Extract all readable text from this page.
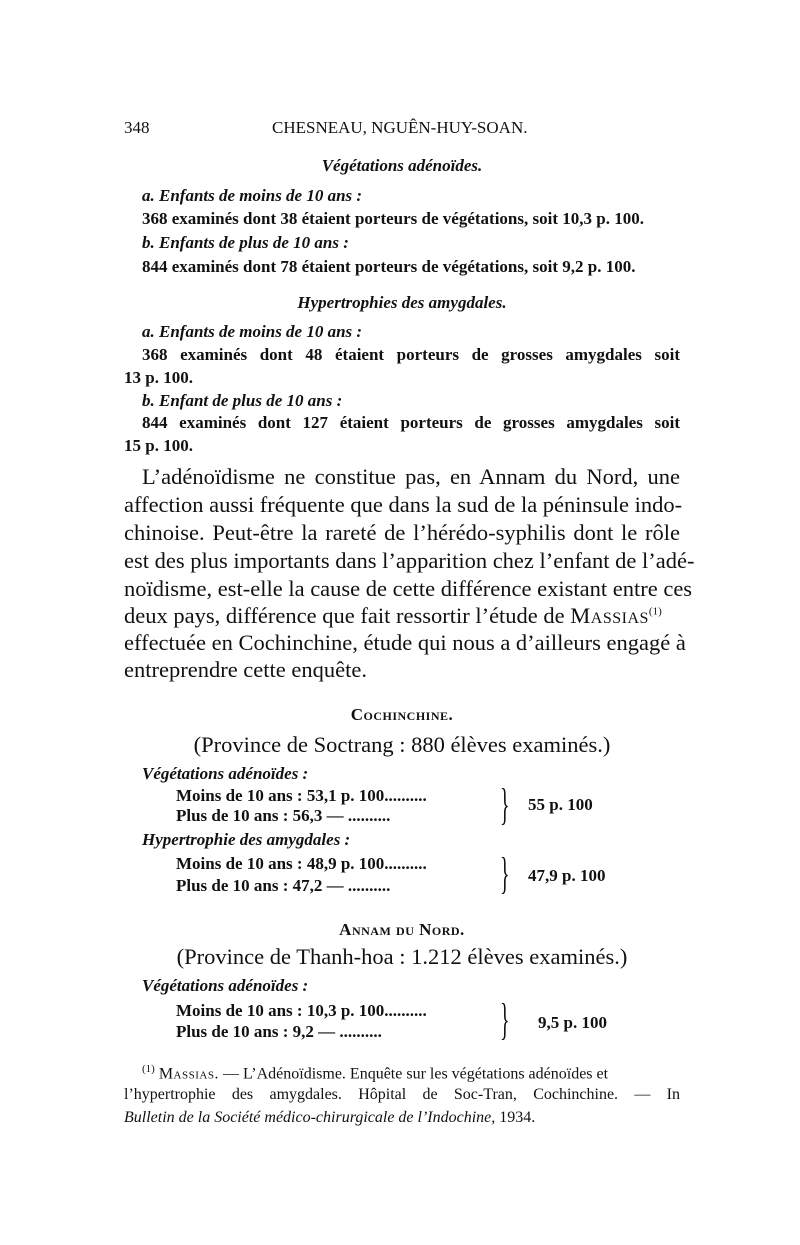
348	CHESNEAU, NGUÊN-HUY-SOAN.
Végétations adénoïdes.
a. Enfants de moins de 10 ans :
368 examinés dont 38 étaient porteurs de végétations, soit 10,3 p. 100.
b. Enfants de plus de 10 ans :
844 examinés dont 78 étaient porteurs de végétations, soit 9,2 p. 100.
Hypertrophies des amygdales.
a. Enfants de moins de 10 ans :
368 examinés dont 48 étaient porteurs de grosses amygdales soit
13 p. 100.
b. Enfant de plus de 10 ans :
844 examinés dont 127 étaient porteurs de grosses amygdales soit
15 p. 100.
L’adénoïdisme ne constitue pas, en Annam du Nord, une
affection aussi fréquente que dans la sud de la péninsule indo-
chinoise. Peut-être la rareté de l’hérédo-syphilis dont le rôle
est des plus importants dans l’apparition chez l’enfant de l’adé-
noïdisme, est-elle la cause de cette différence existant entre ces
deux pays, différence que fait ressortir l’étude de Massias$^{(1)}$
effectuée en Cochinchine, étude qui nous a d’ailleurs engagé à
entreprendre cette enquête.
Cochinchine.
(Province de Soctrang : 880 élèves examinés.)
Végétations adénoïdes :
Moins de 10 ans : 53,1 p. 100..........
Plus de 10 ans : 56,3 — .......... } 55 p. 100
Hypertrophie des amygdales :
Moins de 10 ans : 48,9 p. 100..........
Plus de 10 ans : 47,2 — .......... } 47,9 p. 100
Annam du Nord.
(Province de Thanh-hoa : 1.212 élèves examinés.)
Végétations adénoïdes :
Moins de 10 ans : 10,3 p. 100..........
Plus de 10 ans : 9,2 — ..........	} 9,5 p. 100
$^{(1)}$ Massias. — L’Adénoïdisme. Enquête sur les végétations adénoïdes et
l’hypertrophie des amygdales. Hôpital de Soc-Tran, Cochinchine. — In
Bulletin de la Société médico-chirurgicale de l’Indochine, 1934.
